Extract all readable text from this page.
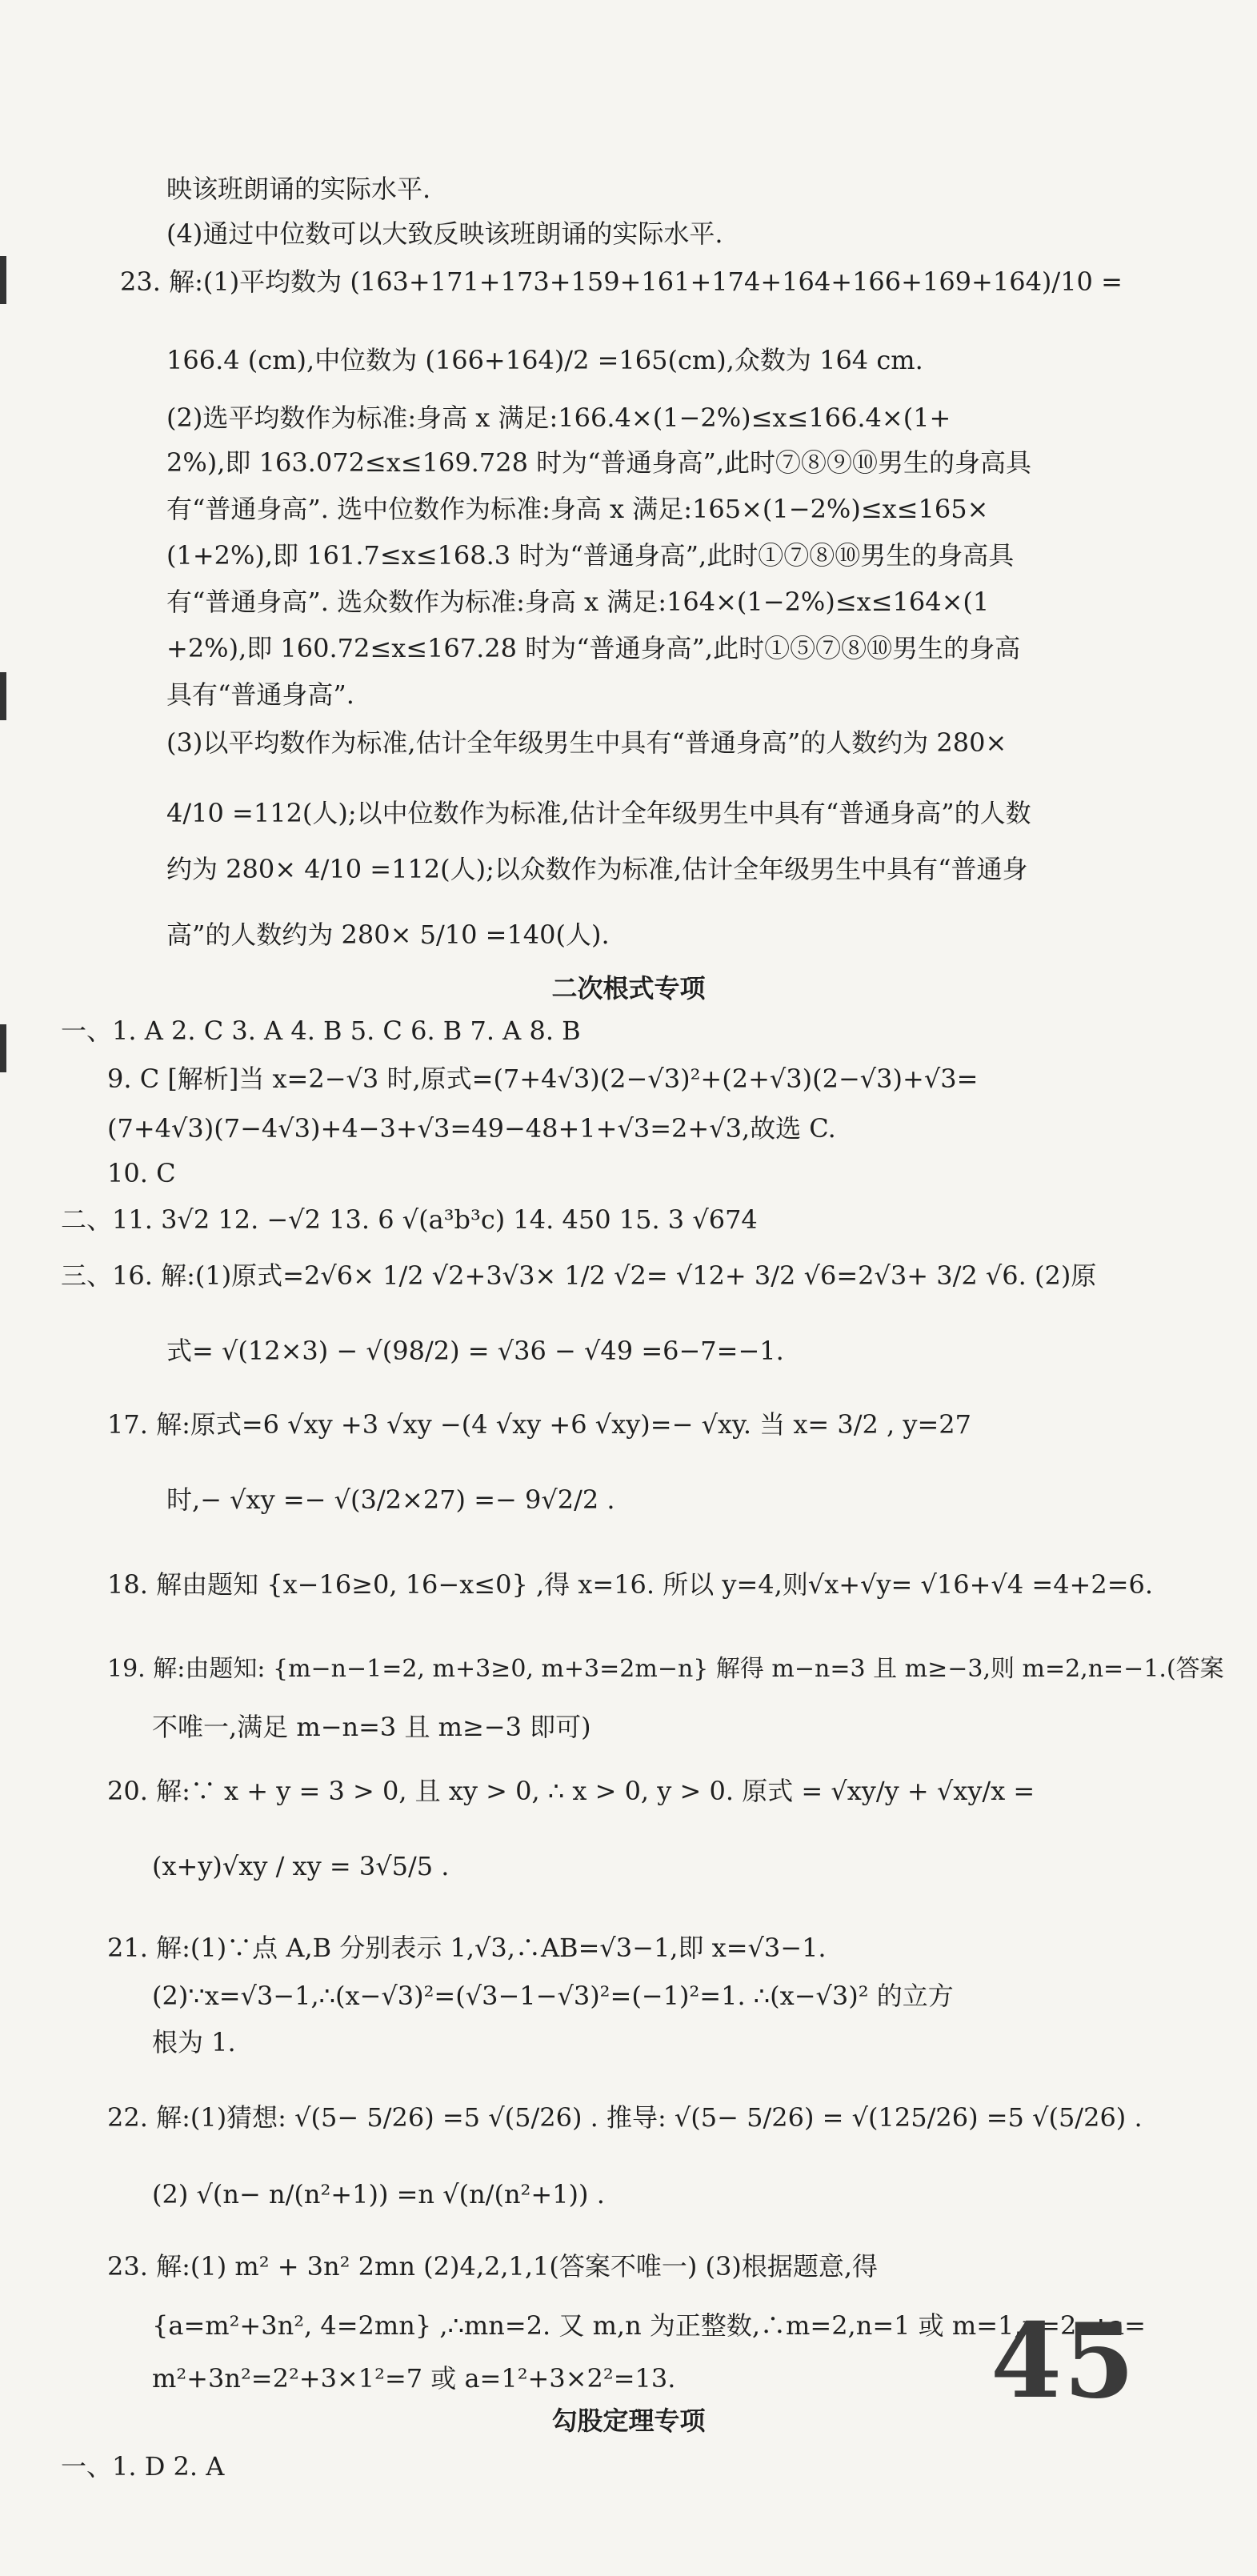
映该班朗诵的实际水平.
(4)通过中位数可以大致反映该班朗诵的实际水平.
23. 解:(1)平均数为 (163+171+173+159+161+174+164+166+169+164)/10 =
166.4 (cm),中位数为 (166+164)/2 =165(cm),众数为 164 cm.
(2)选平均数作为标准:身高 x 满足:166.4×(1−2%)≤x≤166.4×(1+
2%),即 163.072≤x≤169.728 时为“普通身高”,此时⑦⑧⑨⑩男生的身高具
有“普通身高”. 选中位数作为标准:身高 x 满足:165×(1−2%)≤x≤165×
(1+2%),即 161.7≤x≤168.3 时为“普通身高”,此时①⑦⑧⑩男生的身高具
有“普通身高”. 选众数作为标准:身高 x 满足:164×(1−2%)≤x≤164×(1
+2%),即 160.72≤x≤167.28 时为“普通身高”,此时①⑤⑦⑧⑩男生的身高
具有“普通身高”.
(3)以平均数作为标准,估计全年级男生中具有“普通身高”的人数约为 280×
4/10 =112(人);以中位数作为标准,估计全年级男生中具有“普通身高”的人数
约为 280× 4/10 =112(人);以众数作为标准,估计全年级男生中具有“普通身
高”的人数约为 280× 5/10 =140(人).
一、1. A 2. C 3. A 4. B 5. C 6. B 7. A 8. B
9. C [解析]当 x=2−√3 时,原式=(7+4√3)(2−√3)²+(2+√3)(2−√3)+√3=
(7+4√3)(7−4√3)+4−3+√3=49−48+1+√3=2+√3,故选 C.
10. C
二、11. 3√2 12. −√2 13. 6 √(a³b³c) 14. 450 15. 3 √674
三、16. 解:(1)原式=2√6× 1/2 √2+3√3× 1/2 √2= √12+ 3/2 √6=2√3+ 3/2 √6. (2)原
式= √(12×3) − √(98/2) = √36 − √49 =6−7=−1.
17. 解:原式=6 √xy +3 √xy −(4 √xy +6 √xy)=− √xy. 当 x= 3/2 , y=27
时,− √xy =− √(3/2×27) =− 9√2/2 .
18. 解由题知 {x−16≥0, 16−x≤0} ,得 x=16. 所以 y=4,则√x+√y= √16+√4 =4+2=6.
19. 解:由题知: {m−n−1=2, m+3≥0, m+3=2m−n} 解得 m−n=3 且 m≥−3,则 m=2,n=−1.(答案
不唯一,满足 m−n=3 且 m≥−3 即可)
20. 解:∵ x + y = 3 > 0, 且 xy > 0, ∴ x > 0, y > 0. 原式 = √xy/y + √xy/x =
(x+y)√xy / xy = 3√5/5 .
21. 解:(1)∵点 A,B 分别表示 1,√3,∴AB=√3−1,即 x=√3−1.
(2)∵x=√3−1,∴(x−√3)²=(√3−1−√3)²=(−1)²=1. ∴(x−√3)² 的立方
根为 1.
22. 解:(1)猜想: √(5− 5/26) =5 √(5/26) . 推导: √(5− 5/26) = √(125/26) =5 √(5/26) .
(2) √(n− n/(n²+1)) =n √(n/(n²+1)) .
23. 解:(1) m² + 3n² 2mn (2)4,2,1,1(答案不唯一) (3)根据题意,得
{a=m²+3n², 4=2mn} ,∴mn=2. 又 m,n 为正整数,∴m=2,n=1 或 m=1,n=2. ∴a=
m²+3n²=2²+3×1²=7 或 a=1²+3×2²=13.
一、1. D 2. A
二次根式专项
勾股定理专项	45
